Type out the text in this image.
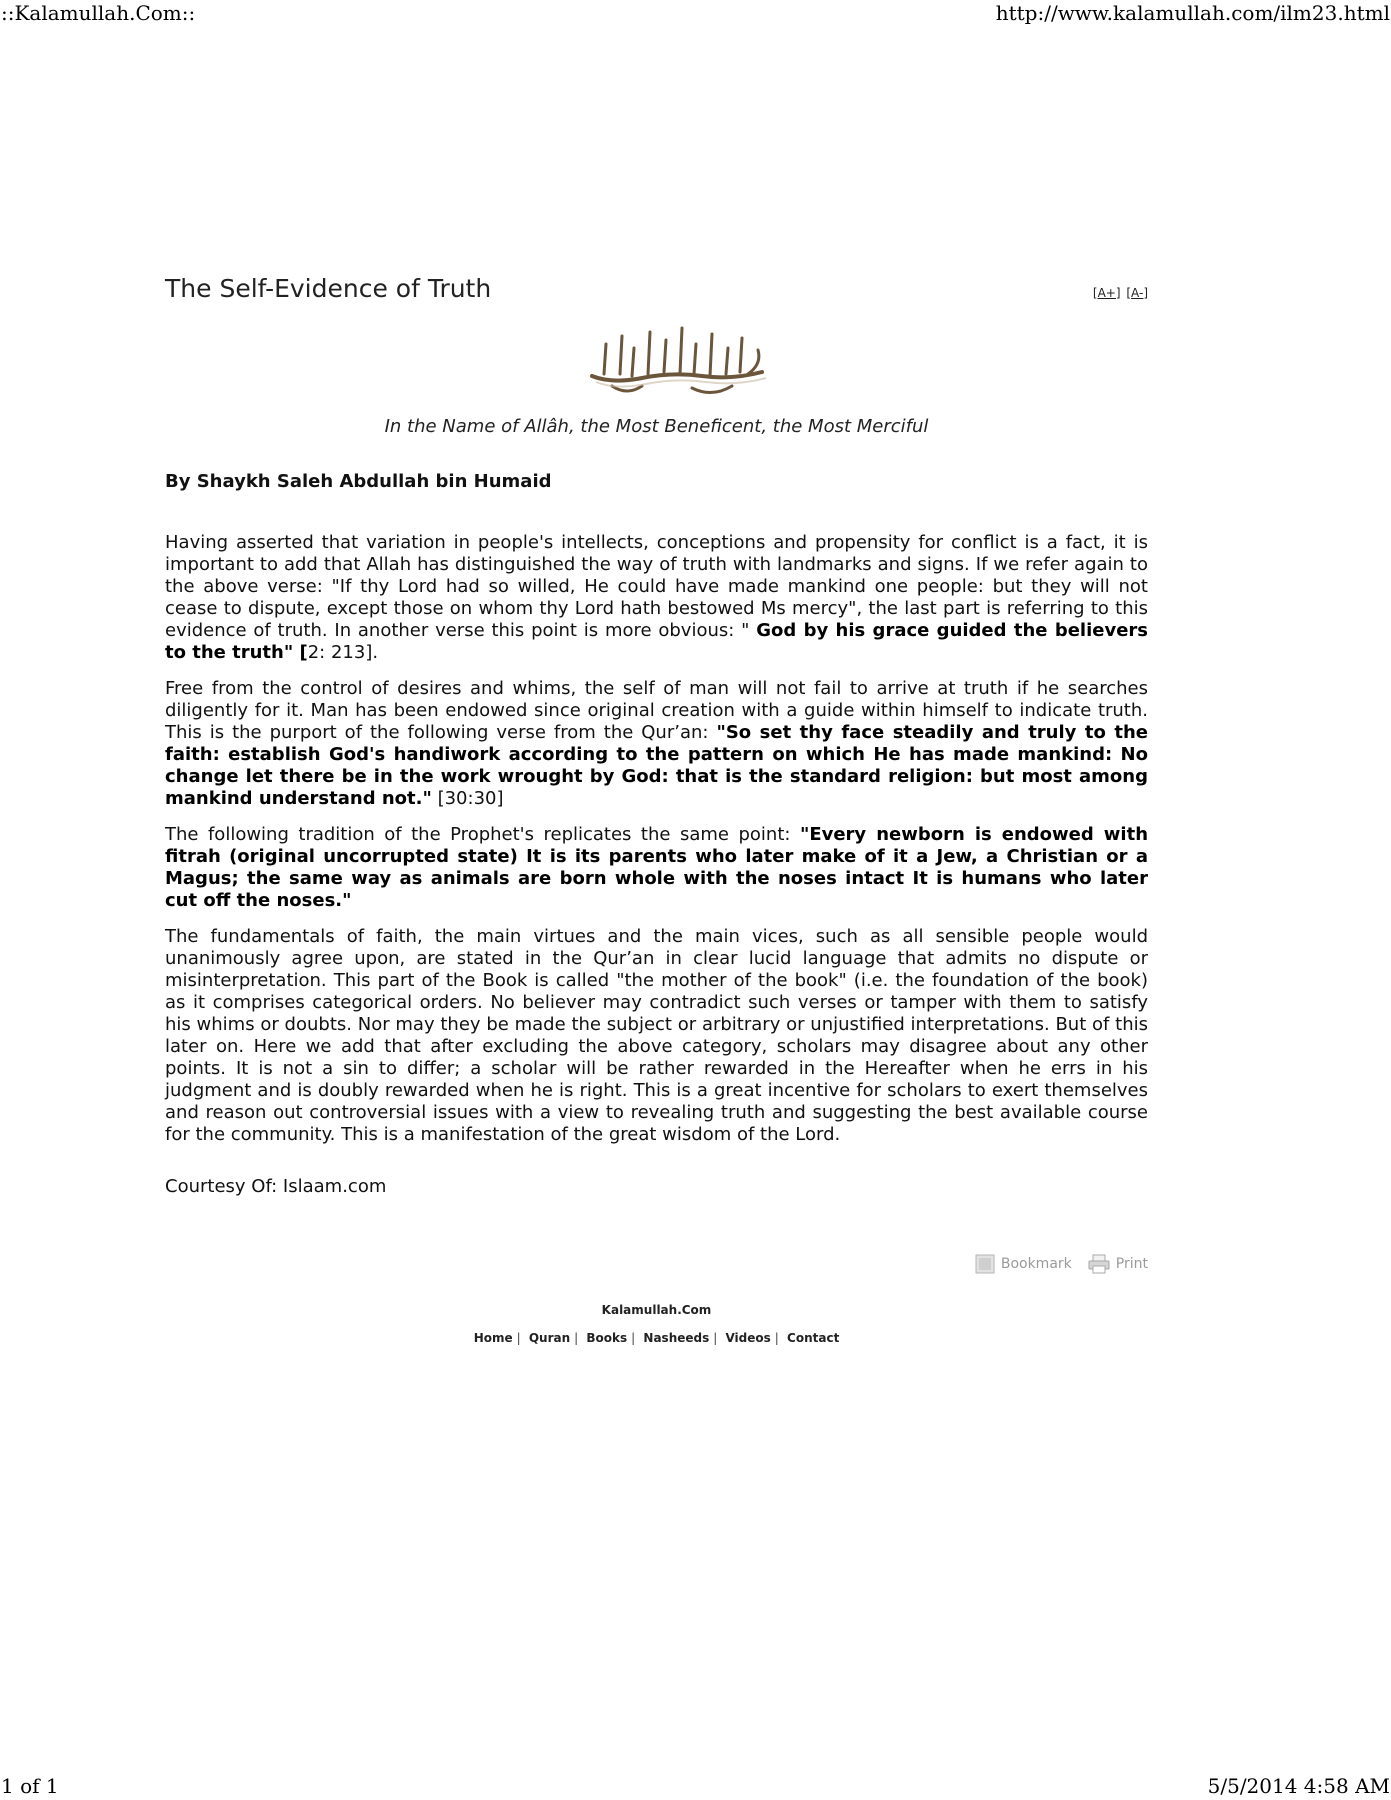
::Kalamullah.Com::	http://www.kalamullah.com/ilm23.html
The Self-Evidence of Truth	[A+] [A-]
In the Name of Allâh, the Most Beneficent, the Most Merciful
By Shaykh Saleh Abdullah bin Humaid

Having asserted that variation in people's intellects, conceptions and propensity for conflict is a fact, it is important to add that Allah has distinguished the way of truth with landmarks and signs. If we refer again to the above verse: "If thy Lord had so willed, He could have made mankind one people: but they will not cease to dispute, except those on whom thy Lord hath bestowed Ms mercy", the last part is referring to this evidence of truth. In another verse this point is more obvious: " God by his grace guided the believers to the truth" [2: 213].

Free from the control of desires and whims, the self of man will not fail to arrive at truth if he searches diligently for it. Man has been endowed since original creation with a guide within himself to indicate truth. This is the purport of the following verse from the Qur’an: "So set thy face steadily and truly to the faith: establish God's handiwork according to the pattern on which He has made mankind: No change let there be in the work wrought by God: that is the standard religion: but most among mankind understand not." [30:30]

The following tradition of the Prophet's replicates the same point: "Every newborn is endowed with fitrah (original uncorrupted state) It is its parents who later make of it a Jew, a Christian or a Magus; the same way as animals are born whole with the noses intact It is humans who later cut off the noses."

The fundamentals of faith, the main virtues and the main vices, such as all sensible people would unanimously agree upon, are stated in the Qur’an in clear lucid language that admits no dispute or misinterpretation. This part of the Book is called "the mother of the book" (i.e. the foundation of the book) as it comprises categorical orders. No believer may contradict such verses or tamper with them to satisfy his whims or doubts. Nor may they be made the subject or arbitrary or unjustified interpretations. But of this later on. Here we add that after excluding the above category, scholars may disagree about any other points. It is not a sin to differ; a scholar will be rather rewarded in the Hereafter when he errs in his judgment and is doubly rewarded when he is right. This is a great incentive for scholars to exert themselves and reason out controversial issues with a view to revealing truth and suggesting the best available course for the community. This is a manifestation of the great wisdom of the Lord.

Courtesy Of: Islaam.com
Bookmark	Print
Kalamullah.Com
Home | Quran | Books | Nasheeds | Videos | Contact
1 of 1	5/5/2014 4:58 AM
